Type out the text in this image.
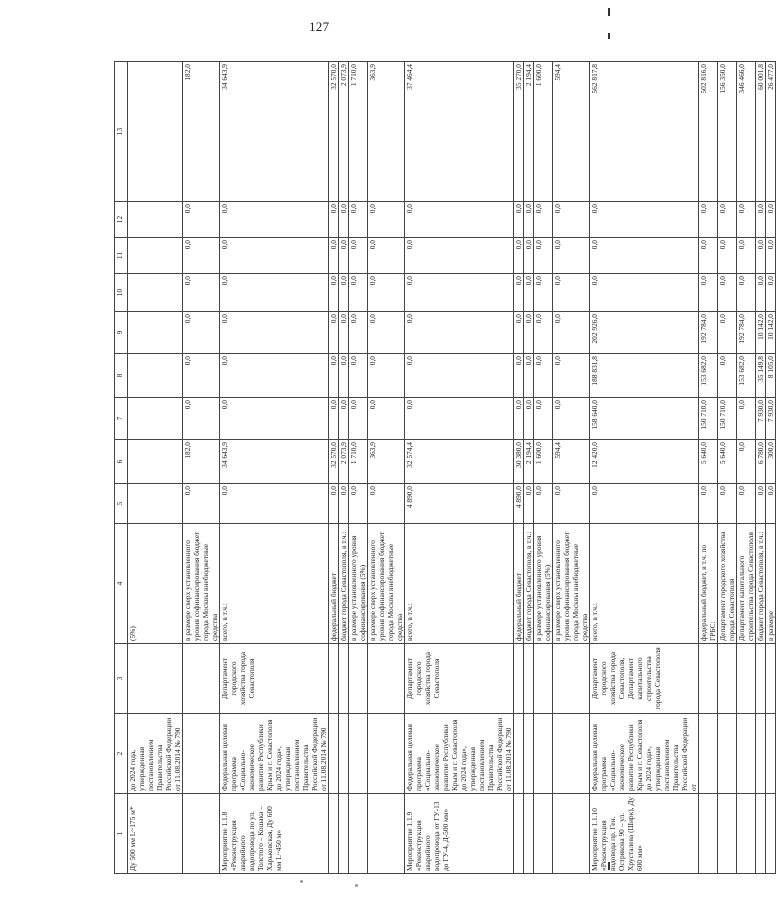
127
1	2	3	4	5	6	7	8	9	10	11	12	13
Ду 500 мм L~175 м*	до 2024 года, утвержденная постановлением Правительства Российской Федерации от 11.08.2014 № 790		(5%)									
			в размере сверх установленного уровня софинансирования бюджет города Москвы внебюджетные средства	0,0	182,0	0,0	0,0	0,0	0,0	0,0	0,0	182,0
Мероприятие 1.1.8 «Реконструкция аварийного водопровода по ул. Толстого – Кошака – Харьковская, Ду 600 мм L~450 м»	Федеральная целевая программа «Социально-экономическое развитие Республики Крым и г. Севастополя до 2024 года», утвержденная постановлением Правительства Российской Федерации от 11.08.2014 № 790	Департамент городского хозяйства города Севастополя	всего, в т.ч.:	0,0	34 643,9	0,0	0,0	0,0	0,0	0,0	0,0	34 643,9
			федеральный бюджет	0,0	32 570,0	0,0	0,0	0,0	0,0	0,0	0,0	32 570,0
			бюджет города Севастополя, в т.ч.:	0,0	2 073,9	0,0	0,0	0,0	0,0	0,0	0,0	2 073,9
			в размере установленного уровня софинансирования (5%)	0,0	1 710,0	0,0	0,0	0,0	0,0	0,0	0,0	1 710,0
			в размере сверх установленного уровня софинансирования бюджет города Москвы внебюджетные средства	0,0	363,9	0,0	0,0	0,0	0,0	0,0	0,0	363,9
Мероприятие 1.1.9 «Реконструкция аварийного водопровода от ГУ-13 до ГУ-4, Д-500 мм»	Федеральная целевая программа «Социально-экономическое развитие Республики Крым и г. Севастополя до 2024 года», утвержденная постановлением Правительства Российской Федерации от 11.08.2014 № 790	Департамент городского хозяйства города Севастополя	всего, в т.ч.:	4 890,0	32 574,4	0,0	0,0	0,0	0,0	0,0	0,0	37 464,4
			федеральный бюджет	4 890,0	30 380,0	0,0	0,0	0,0	0,0	0,0	0,0	35 270,0
			бюджет города Севастополя, в т.ч.:	0,0	2 194,4	0,0	0,0	0,0	0,0	0,0	0,0	2 194,4
			в размере установленного уровня софинансирования (5%)	0,0	1 600,0	0,0	0,0	0,0	0,0	0,0	0,0	1 600,0
			в размере сверх установленного уровня софинансирования бюджет города Москвы внебюджетные средства	0,0	594,4	0,0	0,0	0,0	0,0	0,0	0,0	594,4
Мероприятие 1.1.10 «Реконструкция водовода пр. Ген. Острякова 90 – ул. Хрусталева (Ширк), Ду 600 мм»	Федеральная целевая программа «Социально-экономическое развитие Республики Крым и г. Севастополя до 2024 года», утвержденная постановлением Правительства Российской Федерации от	Департамент городского хозяйства города Севастополя, Департамент капитального строительства города Севастополя	всего, в т.ч.:	0,0	12 420,0	158 640,0	188 831,8	202 926,0	0,0	0,0	0,0	562 817,8
			федеральный бюджет, в т.ч. по ГРБС:	0,0	5 640,0	150 710,0	153 682,0	192 784,0	0,0	0,0	0,0	502 816,0
			Департамент городского хозяйства города Севастополя	0,0	5 640,0	150 710,0	0,0	0,0	0,0	0,0	0,0	156 350,0
			Департамент капитального строительства города Севастополя	0,0	0,0	0,0	153 682,0	192 784,0	0,0	0,0	0,0	346 466,0
			бюджет города Севастополя, в т.ч.:	0,0	6 780,0	7 930,0	35 149,8	10 142,0	0,0	0,0	0,0	60 001,8
			в размере	0,0	300,0	7 930,0	8 105,0	10 142,0	0,0	0,0	0,0	26 477,0
